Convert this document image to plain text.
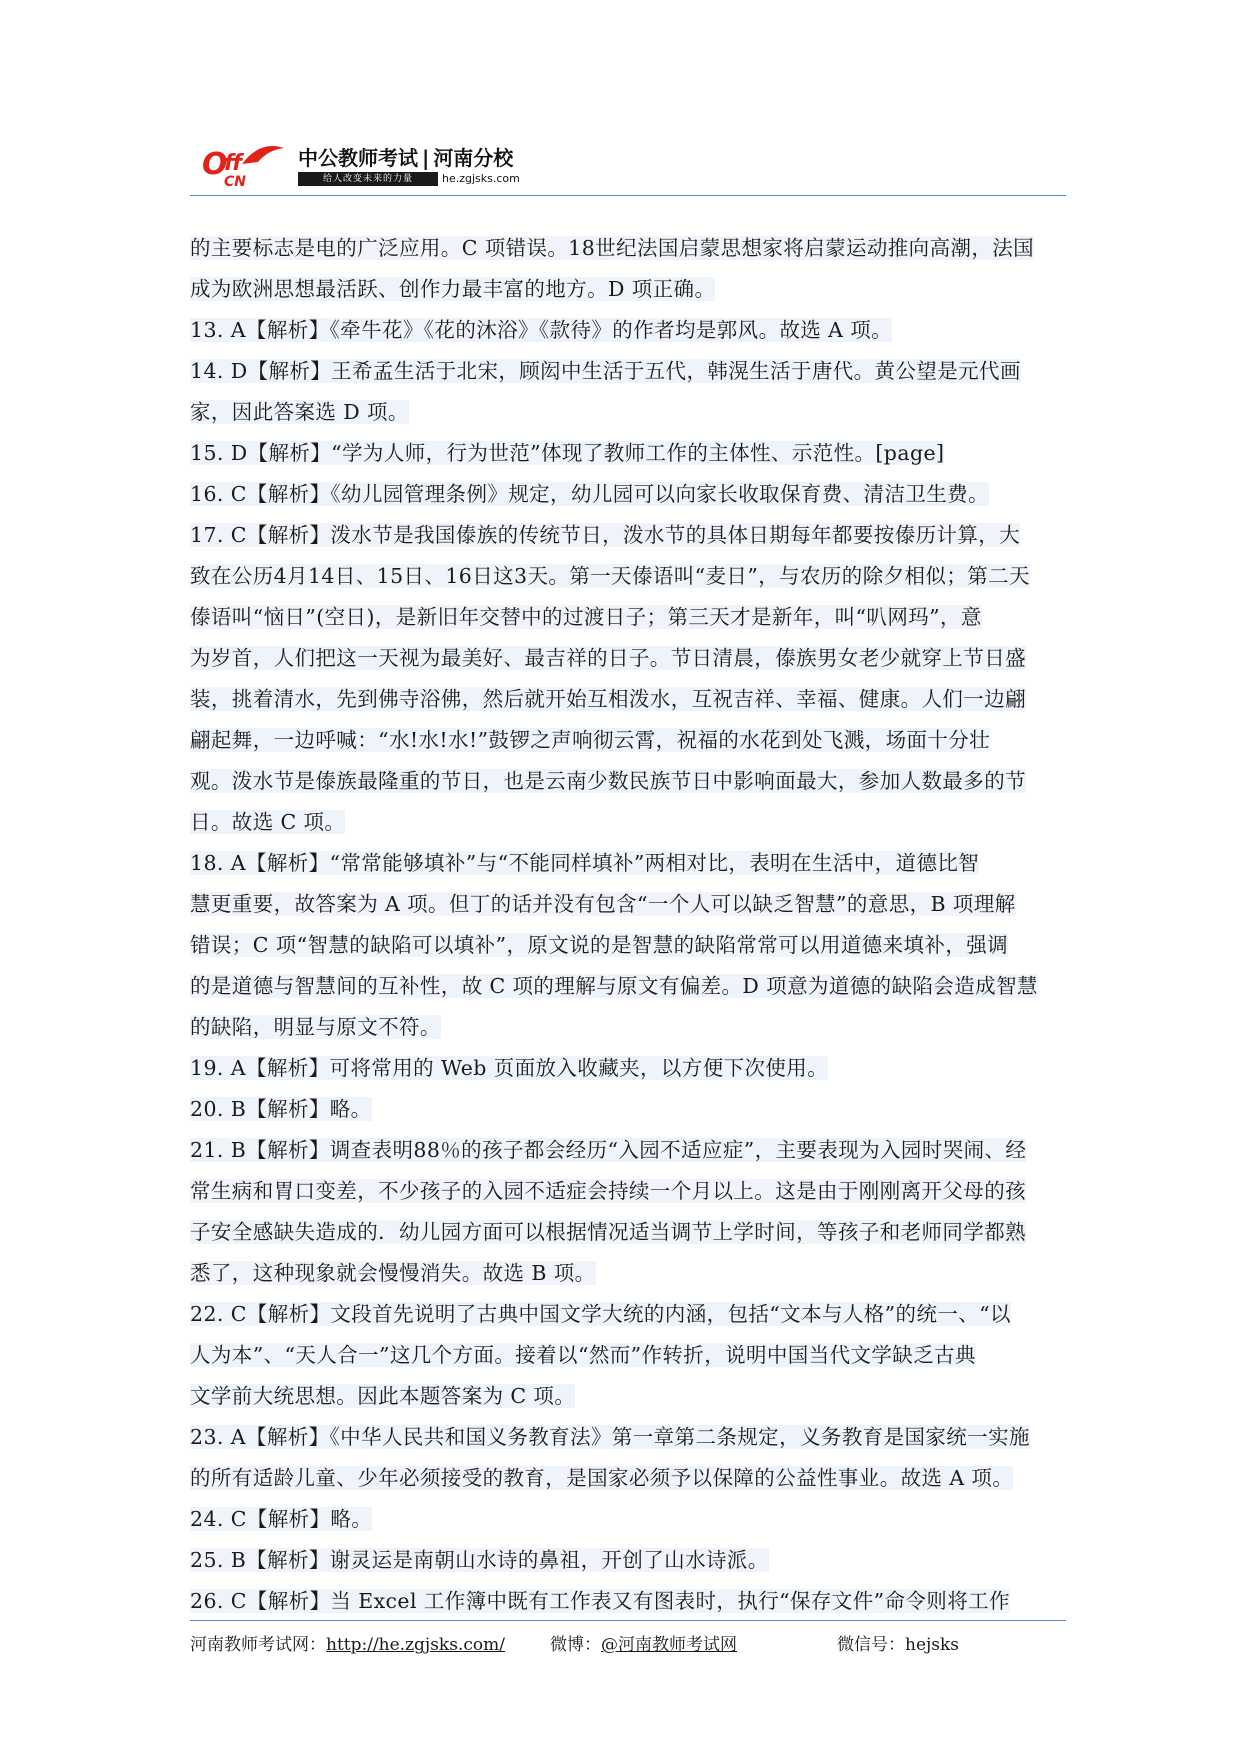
O
ff
CN
中公教师考试 | 河南分校
给人改变未来的力量	he.zgjsks.com
的主要标志是电的广泛应用。C 项错误。18世纪法国启蒙思想家将启蒙运动推向高潮，法国
成为欧洲思想最活跃、创作力最丰富的地方。D 项正确。
13. A【解析】《牵牛花》《花的沐浴》《款待》的作者均是郭风。故选 A 项。
14. D【解析】王希孟生活于北宋，顾闳中生活于五代，韩滉生活于唐代。黄公望是元代画
家，因此答案选 D 项。
15. D【解析】“学为人师，行为世范”体现了教师工作的主体性、示范性。[page]
16. C【解析】《幼儿园管理条例》规定，幼儿园可以向家长收取保育费、清洁卫生费。
17. C【解析】泼水节是我国傣族的传统节日，泼水节的具体日期每年都要按傣历计算，大
致在公历4月14日、15日、16日这3天。第一天傣语叫“麦日”，与农历的除夕相似；第二天
傣语叫“恼日”(空日)，是新旧年交替中的过渡日子；第三天才是新年，叫“叭网玛”，意
为岁首，人们把这一天视为最美好、最吉祥的日子。节日清晨，傣族男女老少就穿上节日盛
装，挑着清水，先到佛寺浴佛，然后就开始互相泼水，互祝吉祥、幸福、健康。人们一边翩
翩起舞，一边呼喊：“水!水!水!”鼓锣之声响彻云霄，祝福的水花到处飞溅，场面十分壮
观。泼水节是傣族最隆重的节日，也是云南少数民族节日中影响面最大，参加人数最多的节
日。故选 C 项。
18. A【解析】“常常能够填补”与“不能同样填补”两相对比，表明在生活中，道德比智
慧更重要，故答案为 A 项。但丁的话并没有包含“一个人可以缺乏智慧”的意思，B 项理解
错误；C 项“智慧的缺陷可以填补”，原文说的是智慧的缺陷常常可以用道德来填补，强调
的是道德与智慧间的互补性，故 C 项的理解与原文有偏差。D 项意为道德的缺陷会造成智慧
的缺陷，明显与原文不符。
19. A【解析】可将常用的 Web 页面放入收藏夹，以方便下次使用。
20. B【解析】略。
21. B【解析】调查表明88％的孩子都会经历“入园不适应症”，主要表现为入园时哭闹、经
常生病和胃口变差，不少孩子的入园不适症会持续一个月以上。这是由于刚刚离开父母的孩
子安全感缺失造成的．幼儿园方面可以根据情况适当调节上学时间，等孩子和老师同学都熟
悉了，这种现象就会慢慢消失。故选 B 项。
22. C【解析】文段首先说明了古典中国文学大统的内涵，包括“文本与人格”的统一、“以
人为本”、“天人合一”这几个方面。接着以“然而”作转折，说明中国当代文学缺乏古典
文学前大统思想。因此本题答案为 C 项。
23. A【解析】《中华人民共和国义务教育法》第一章第二条规定，义务教育是国家统一实施
的所有适龄儿童、少年必须接受的教育，是国家必须予以保障的公益性事业。故选 A 项。
24. C【解析】略。
25. B【解析】谢灵运是南朝山水诗的鼻祖，开创了山水诗派。
26. C【解析】当 Excel 工作簿中既有工作表又有图表时，执行“保存文件”命令则将工作
河南教师考试网：http://he.zgjsks.com/	微博：@河南教师考试网	微信号：hejsks
